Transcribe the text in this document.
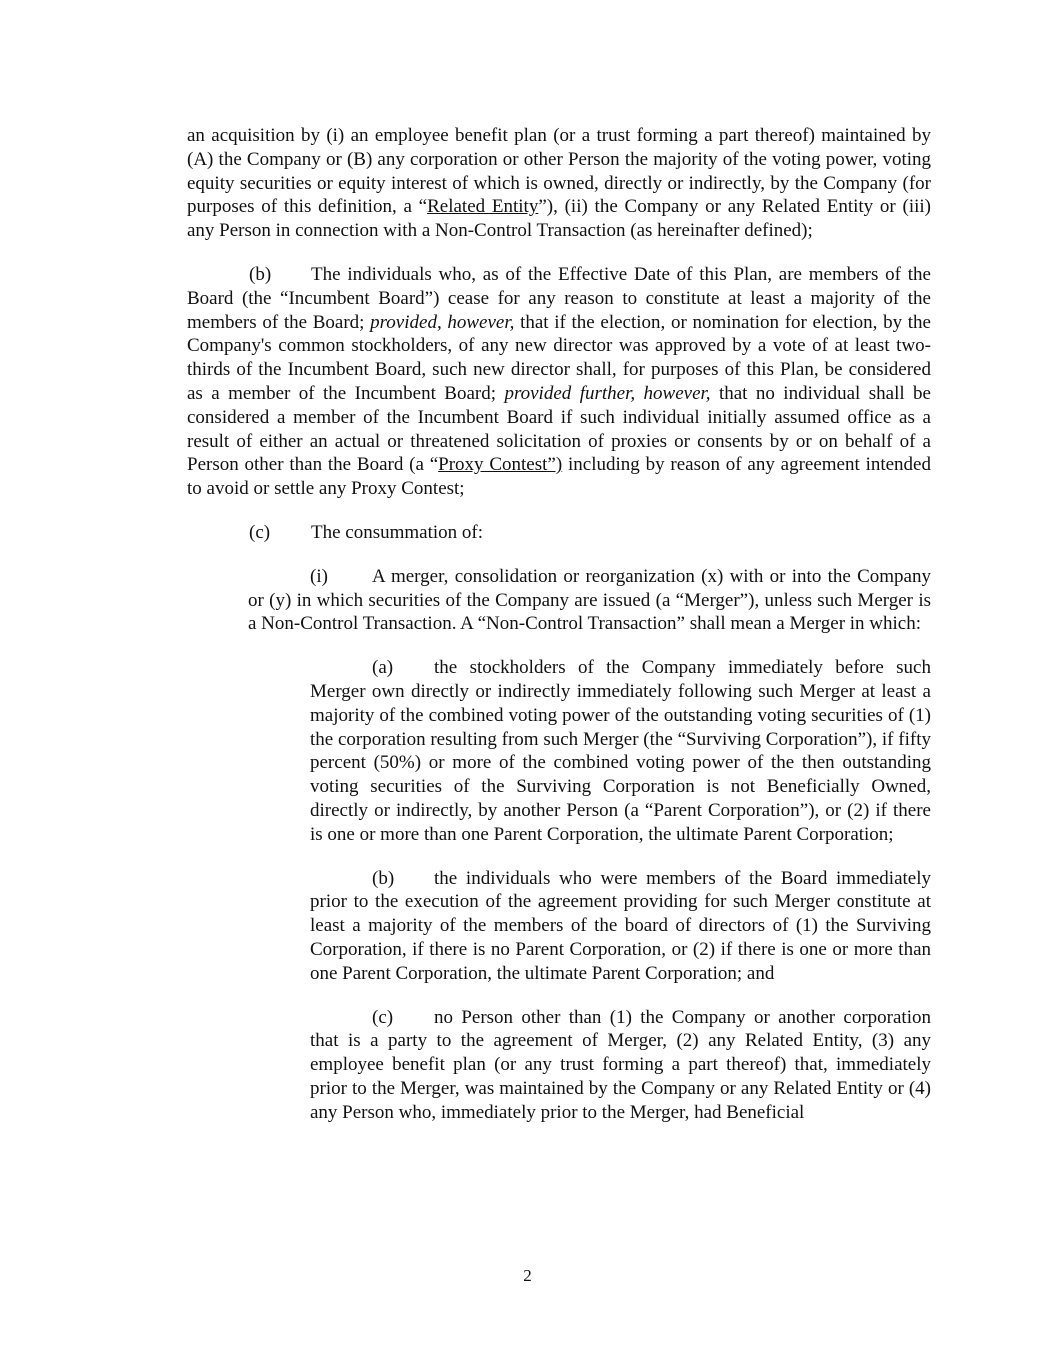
an acquisition by (i) an employee benefit plan (or a trust forming a part thereof) maintained by (A) the Company or (B) any corporation or other Person the majority of the voting power, voting equity securities or equity interest of which is owned, directly or indirectly, by the Company (for purposes of this definition, a “Related Entity”), (ii) the Company or any Related Entity or (iii) any Person in connection with a Non-Control Transaction (as hereinafter defined);

(b) The individuals who, as of the Effective Date of this Plan, are members of the Board (the “Incumbent Board”) cease for any reason to constitute at least a majority of the members of the Board; provided, however, that if the election, or nomination for election, by the Company's common stockholders, of any new director was approved by a vote of at least two-thirds of the Incumbent Board, such new director shall, for purposes of this Plan, be considered as a member of the Incumbent Board; provided further, however, that no individual shall be considered a member of the Incumbent Board if such individual initially assumed office as a result of either an actual or threatened solicitation of proxies or consents by or on behalf of a Person other than the Board (a “Proxy Contest”) including by reason of any agreement intended to avoid or settle any Proxy Contest;

(c) The consummation of:

(i) A merger, consolidation or reorganization (x) with or into the Company or (y) in which securities of the Company are issued (a “Merger”), unless such Merger is a Non-Control Transaction. A “Non-Control Transaction” shall mean a Merger in which:

(a) the stockholders of the Company immediately before such Merger own directly or indirectly immediately following such Merger at least a majority of the combined voting power of the outstanding voting securities of (1) the corporation resulting from such Merger (the “Surviving Corporation”), if fifty percent (50%) or more of the combined voting power of the then outstanding voting securities of the Surviving Corporation is not Beneficially Owned, directly or indirectly, by another Person (a “Parent Corporation”), or (2) if there is one or more than one Parent Corporation, the ultimate Parent Corporation;

(b) the individuals who were members of the Board immediately prior to the execution of the agreement providing for such Merger constitute at least a majority of the members of the board of directors of (1) the Surviving Corporation, if there is no Parent Corporation, or (2) if there is one or more than one Parent Corporation, the ultimate Parent Corporation; and

(c) no Person other than (1) the Company or another corporation that is a party to the agreement of Merger, (2) any Related Entity, (3) any employee benefit plan (or any trust forming a part thereof) that, immediately prior to the Merger, was maintained by the Company or any Related Entity or (4) any Person who, immediately prior to the Merger, had Beneficial

2
